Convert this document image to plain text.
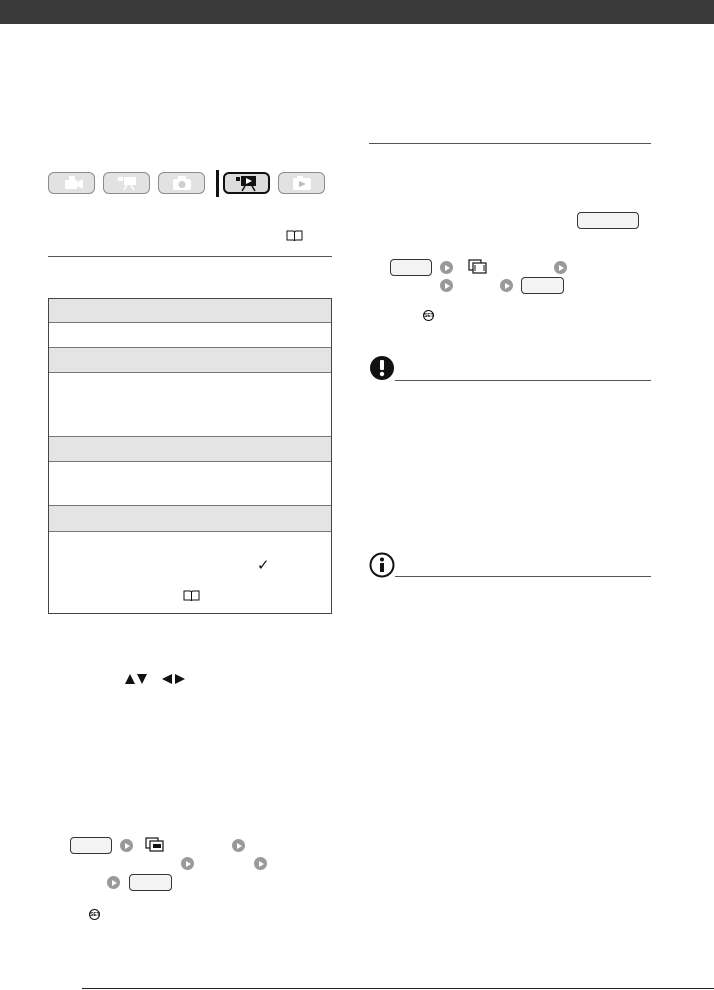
✓
SET
SET
